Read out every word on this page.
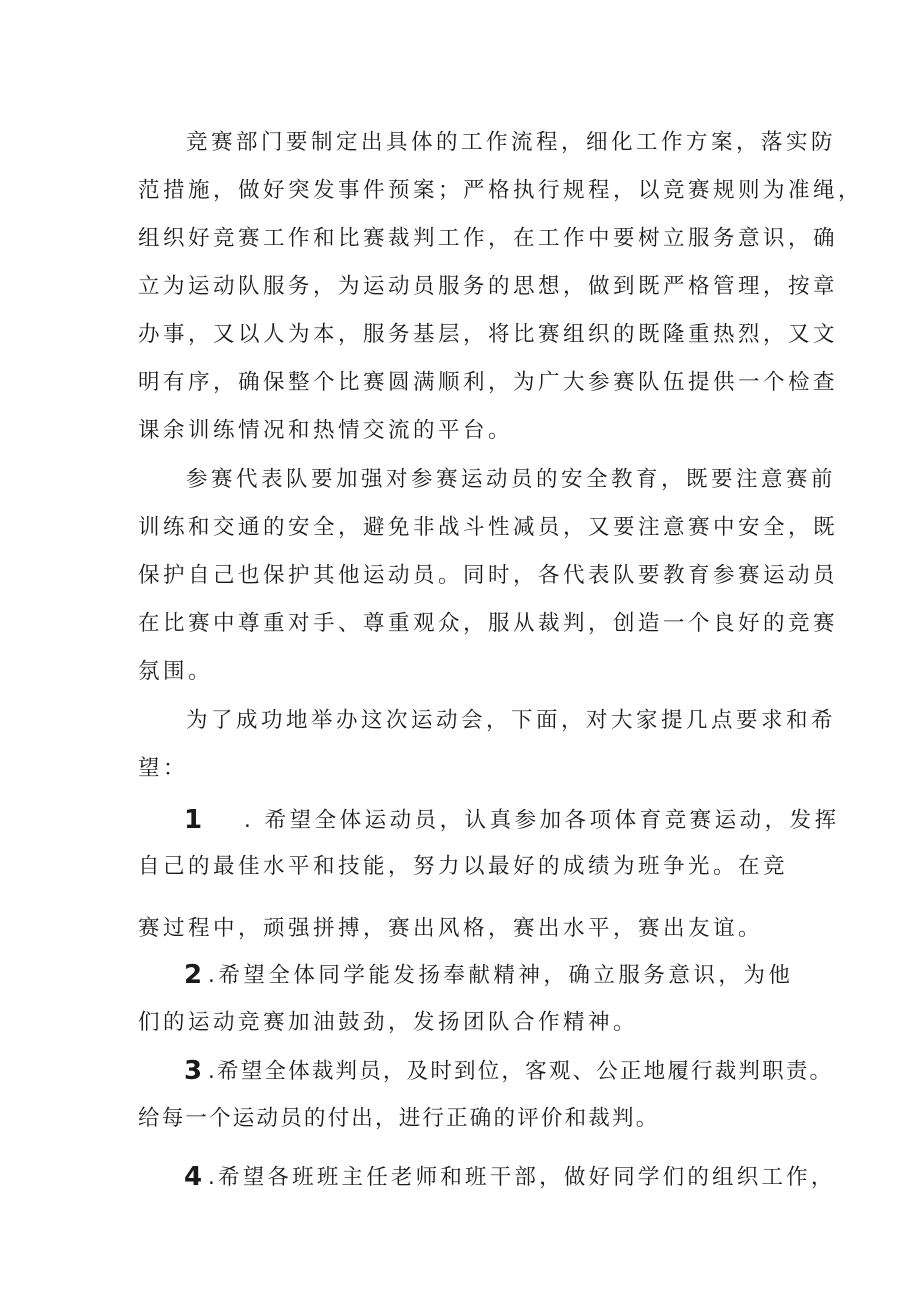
竞赛部门要制定出具体的工作流程，细化工作方案，落实防

范措施，做好突发事件预案；严格执行规程，以竞赛规则为准绳，

组织好竞赛工作和比赛裁判工作，在工作中要树立服务意识，确

立为运动队服务，为运动员服务的思想，做到既严格管理，按章

办事，又以人为本，服务基层，将比赛组织的既隆重热烈，又文

明有序，确保整个比赛圆满顺利，为广大参赛队伍提供一个检查

课余训练情况和热情交流的平台。

参赛代表队要加强对参赛运动员的安全教育，既要注意赛前

训练和交通的安全，避免非战斗性减员，又要注意赛中安全，既

保护自己也保护其他运动员。同时，各代表队要教育参赛运动员

在比赛中尊重对手、尊重观众，服从裁判，创造一个良好的竞赛

氛围。

为了成功地举办这次运动会，下面，对大家提几点要求和希

望：

1 . 希望全体运动员，认真参加各项体育竞赛运动，发挥

自己的最佳水平和技能，努力以最好的成绩为班争光。在竞

赛过程中，顽强拼搏，赛出风格，赛出水平，赛出友谊。

2 .希望全体同学能发扬奉献精神，确立服务意识，为他

们的运动竞赛加油鼓劲，发扬团队合作精神。

3 .希望全体裁判员，及时到位，客观、公正地履行裁判职责。

给每一个运动员的付出，进行正确的评价和裁判。

4 .希望各班班主任老师和班干部，做好同学们的组织工作，
